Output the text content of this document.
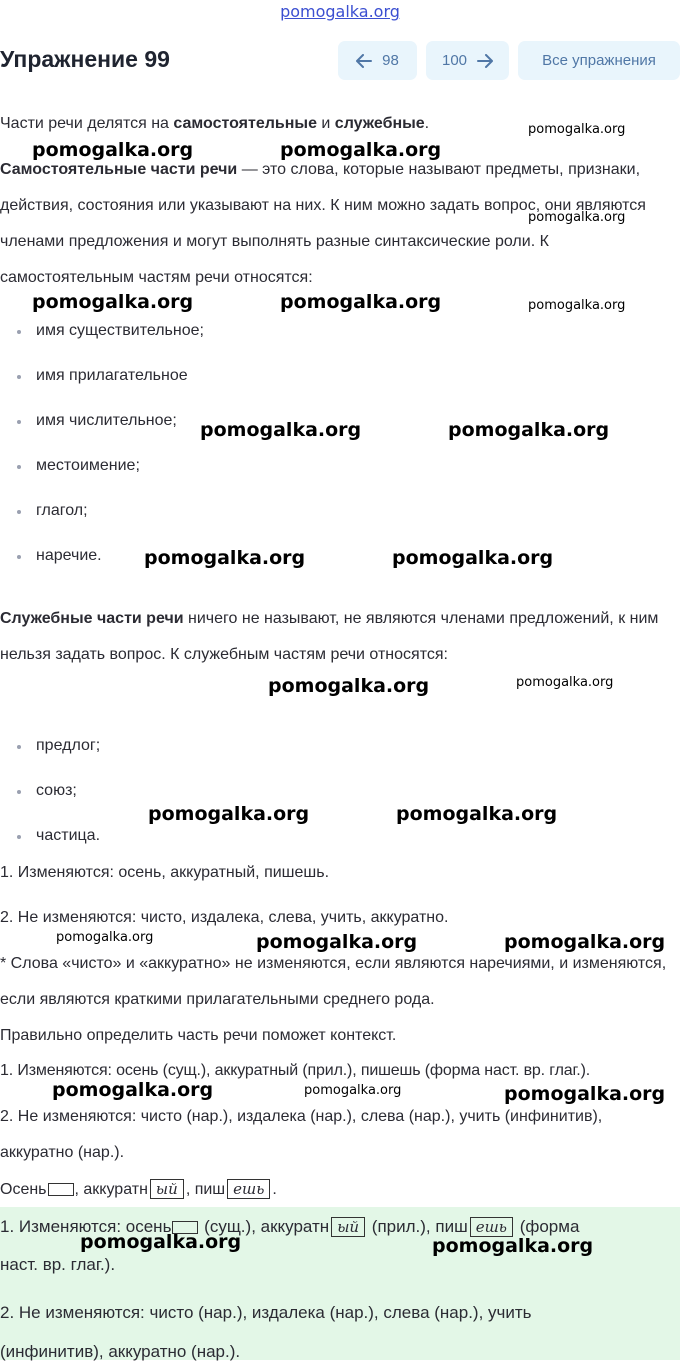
pomogalka.org
Упражнение 99	98	100	Все упражнения
Части речи делятся на самостоятельные и служебные.
Самостоятельные части речи — это слова, которые называют предметы, признаки, действия, состояния или указывают на них. К ним можно задать вопрос, они являются членами предложения и могут выполнять разные синтаксические роли. К самостоятельным частям речи относятся:
имя существительное;
имя прилагательное
имя числительное;
местоимение;
глагол;
наречие.
Служебные части речи ничего не называют, не являются членами предложений, к ним нельзя задать вопрос. К служебным частям речи относятся:
предлог;
союз;
частица.
1. Изменяются: осень, аккуратный, пишешь.
2. Не изменяются: чисто, издалека, слева, учить, аккуратно.
* Слова «чисто» и «аккуратно» не изменяются, если являются наречиями, и изменяются, если являются краткими прилагательными среднего рода.
Правильно определить часть речи поможет контекст.
1. Изменяются: осень (сущ.), аккуратный (прил.), пишешь (форма наст. вр. глаг.).
2. Не изменяются: чисто (нар.), издалека (нар.), слева (нар.), учить (инфинитив), аккуратно (нар.).
Осень , аккуратн ый , пиш ешь .
1. Изменяются: осень (сущ.), аккуратн ый (прил.), пиш ешь (форма
наст. вр. глаг.).
2. Не изменяются: чисто (нар.), издалека (нар.), слева (нар.), учить
(инфинитив), аккуратно (нар.).
pomogalka.org	pomogalka.org
pomogalka.org
pomogalka.org
pomogalka.org	pomogalka.org	pomogalka.org
pomogalka.org	pomogalka.org
pomogalka.org	pomogalka.org
pomogalka.org	pomogalka.org
pomogalka.org	pomogalka.org
pomogalka.org	pomogalka.org	pomogalka.org
pomogalka.org	pomogalka.org	pomogalka.org
pomogalka.org	pomogalka.org
